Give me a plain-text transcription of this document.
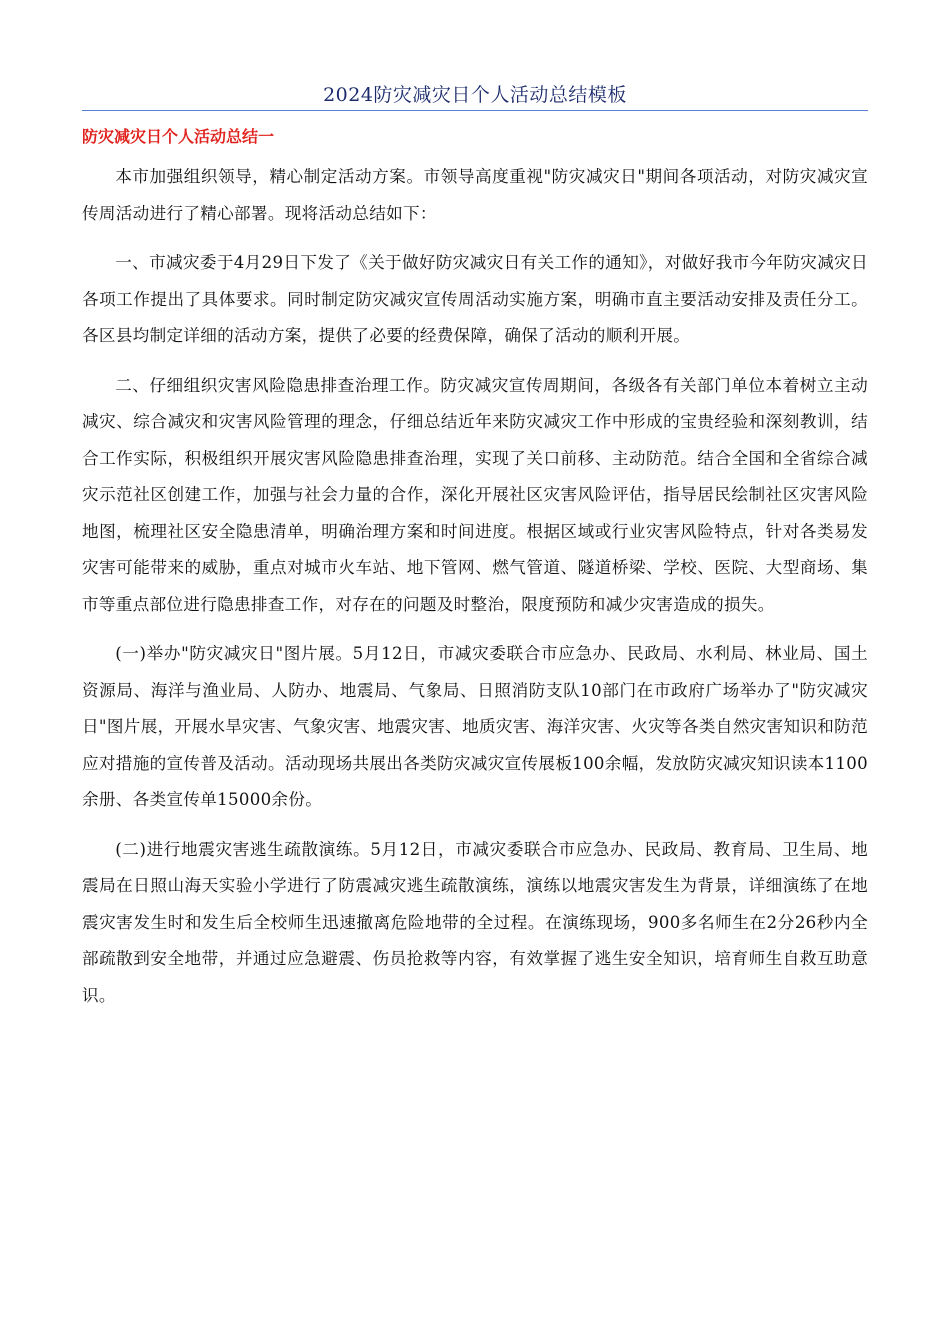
2024防灾减灾日个人活动总结模板
防灾减灾日个人活动总结一

本市加强组织领导，精心制定活动方案。市领导高度重视"防灾减灾日"期间各项活动，对防灾减灾宣传周活动进行了精心部署。现将活动总结如下：

一、市减灾委于4月29日下发了《关于做好防灾减灾日有关工作的通知》，对做好我市今年防灾减灾日各项工作提出了具体要求。同时制定防灾减灾宣传周活动实施方案，明确市直主要活动安排及责任分工。各区县均制定详细的活动方案，提供了必要的经费保障，确保了活动的顺利开展。

二、仔细组织灾害风险隐患排查治理工作。防灾减灾宣传周期间，各级各有关部门单位本着树立主动减灾、综合减灾和灾害风险管理的理念，仔细总结近年来防灾减灾工作中形成的宝贵经验和深刻教训，结合工作实际，积极组织开展灾害风险隐患排查治理，实现了关口前移、主动防范。结合全国和全省综合减灾示范社区创建工作，加强与社会力量的合作，深化开展社区灾害风险评估，指导居民绘制社区灾害风险地图，梳理社区安全隐患清单，明确治理方案和时间进度。根据区域或行业灾害风险特点，针对各类易发灾害可能带来的威胁，重点对城市火车站、地下管网、燃气管道、隧道桥梁、学校、医院、大型商场、集市等重点部位进行隐患排查工作，对存在的问题及时整治，限度预防和减少灾害造成的损失。

(一)举办"防灾减灾日"图片展。5月12日，市减灾委联合市应急办、民政局、水利局、林业局、国土资源局、海洋与渔业局、人防办、地震局、气象局、日照消防支队10部门在市政府广场举办了"防灾减灾日"图片展，开展水旱灾害、气象灾害、地震灾害、地质灾害、海洋灾害、火灾等各类自然灾害知识和防范应对措施的宣传普及活动。活动现场共展出各类防灾减灾宣传展板100余幅，发放防灾减灾知识读本1100余册、各类宣传单15000余份。

(二)进行地震灾害逃生疏散演练。5月12日，市减灾委联合市应急办、民政局、教育局、卫生局、地震局在日照山海天实验小学进行了防震减灾逃生疏散演练，演练以地震灾害发生为背景，详细演练了在地震灾害发生时和发生后全校师生迅速撤离危险地带的全过程。在演练现场，900多名师生在2分26秒内全部疏散到安全地带，并通过应急避震、伤员抢救等内容，有效掌握了逃生安全知识，培育师生自救互助意识。
